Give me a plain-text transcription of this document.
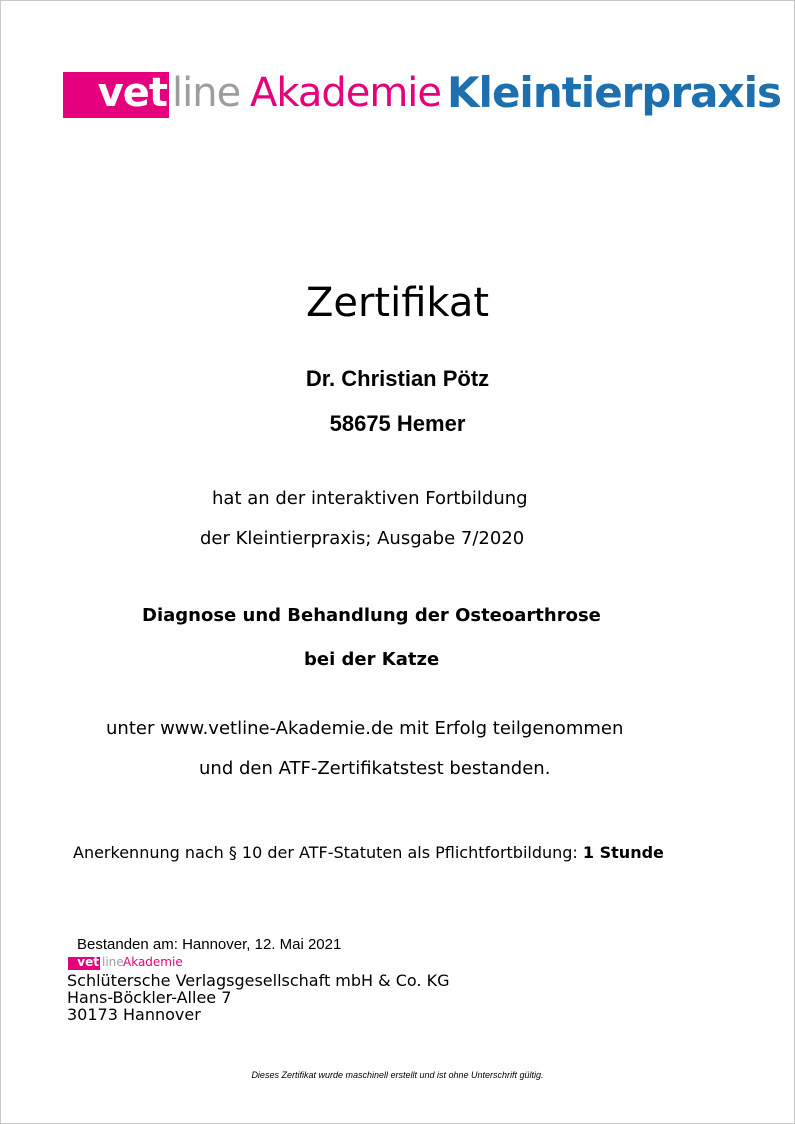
vet line Akademie Kleintierpraxis
Zertifikat
Dr. Christian Pötz
58675 Hemer
hat an der interaktiven Fortbildung
der Kleintierpraxis; Ausgabe 7/2020
Diagnose und Behandlung der Osteoarthrose
bei der Katze
unter www.vetline-Akademie.de mit Erfolg teilgenommen
und den ATF-Zertifikatstest bestanden.
Anerkennung nach § 10 der ATF-Statuten als Pflichtfortbildung: 1 Stunde
Bestanden am: Hannover, 12. Mai 2021
vet line Akademie
Schlütersche Verlagsgesellschaft mbH & Co. KG
Hans-Böckler-Allee 7
30173 Hannover
Dieses Zertifikat wurde maschinell erstellt und ist ohne Unterschrift gültig.
